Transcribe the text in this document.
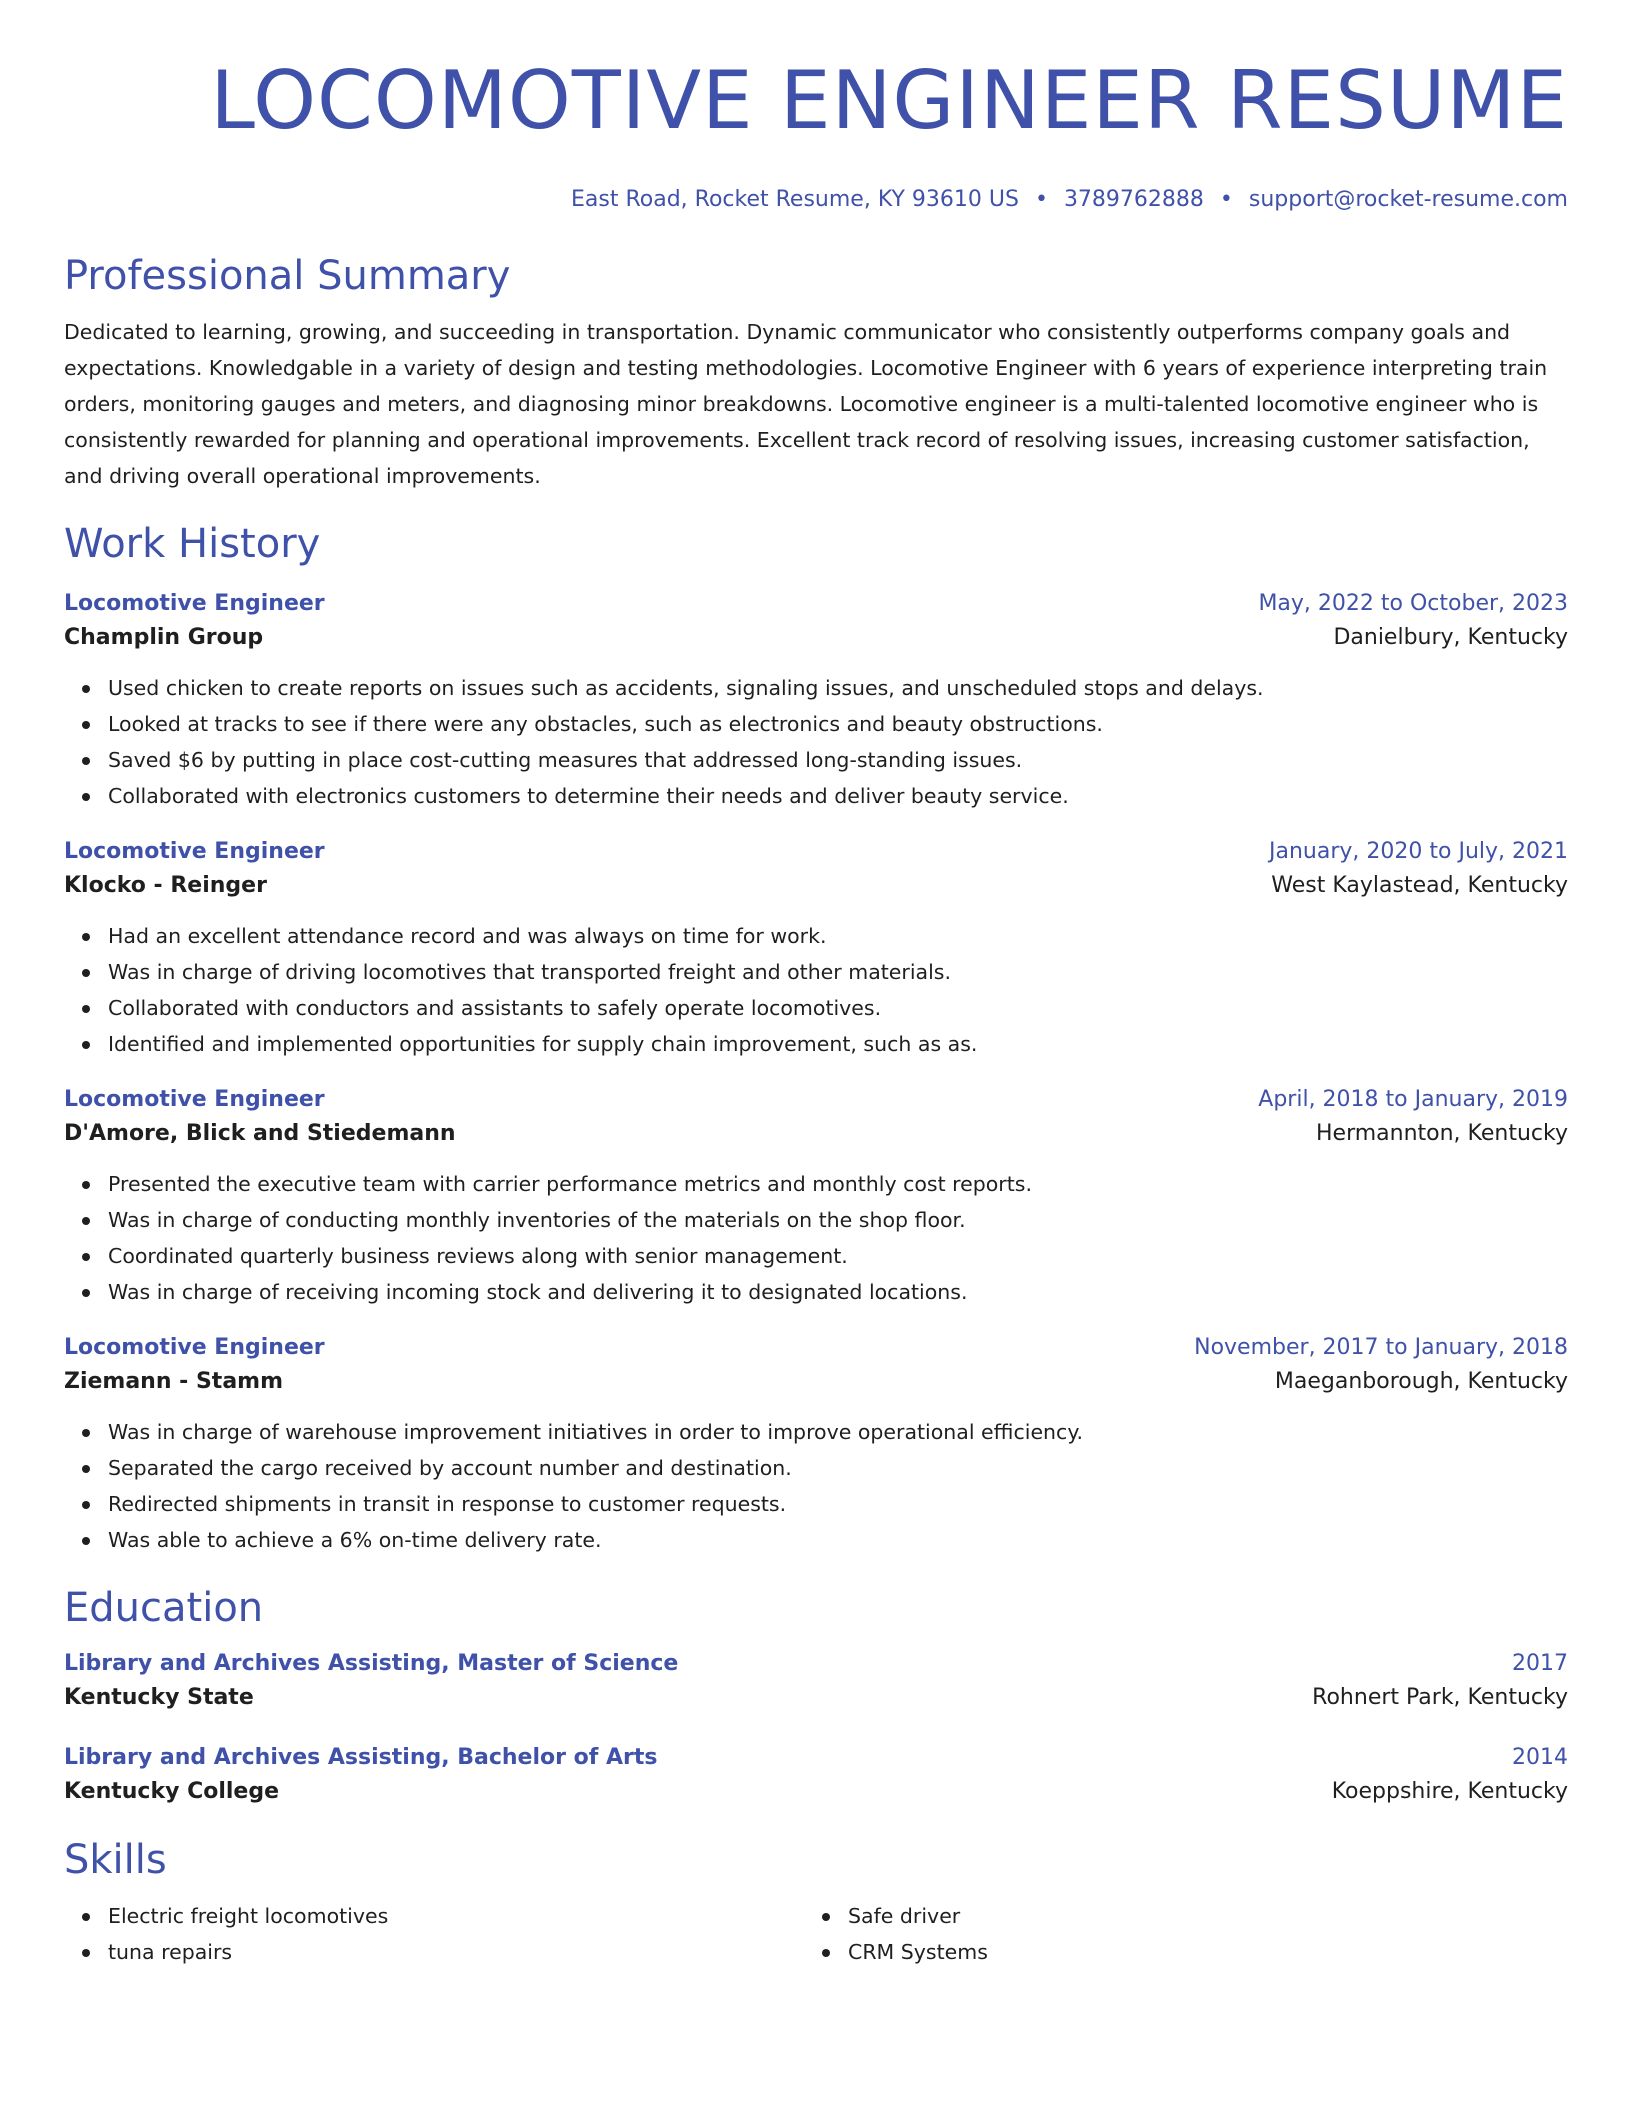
LOCOMOTIVE ENGINEER RESUME
East Road, Rocket Resume, KY 93610 US • 3789762888 • support@rocket-resume.com
Professional Summary
Dedicated to learning, growing, and succeeding in transportation. Dynamic communicator who consistently outperforms company goals and expectations. Knowledgable in a variety of design and testing methodologies. Locomotive Engineer with 6 years of experience interpreting train orders, monitoring gauges and meters, and diagnosing minor breakdowns. Locomotive engineer is a multi-talented locomotive engineer who is consistently rewarded for planning and operational improvements. Excellent track record of resolving issues, increasing customer satisfaction, and driving overall operational improvements.
Work History
Locomotive Engineer	May, 2022 to October, 2023
Champlin Group	Danielbury, Kentucky
Used chicken to create reports on issues such as accidents, signaling issues, and unscheduled stops and delays.
Looked at tracks to see if there were any obstacles, such as electronics and beauty obstructions.
Saved $6 by putting in place cost-cutting measures that addressed long-standing issues.
Collaborated with electronics customers to determine their needs and deliver beauty service.
Locomotive Engineer	January, 2020 to July, 2021
Klocko - Reinger	West Kaylastead, Kentucky
Had an excellent attendance record and was always on time for work.
Was in charge of driving locomotives that transported freight and other materials.
Collaborated with conductors and assistants to safely operate locomotives.
Identified and implemented opportunities for supply chain improvement, such as as.
Locomotive Engineer	April, 2018 to January, 2019
D'Amore, Blick and Stiedemann	Hermannton, Kentucky
Presented the executive team with carrier performance metrics and monthly cost reports.
Was in charge of conducting monthly inventories of the materials on the shop floor.
Coordinated quarterly business reviews along with senior management.
Was in charge of receiving incoming stock and delivering it to designated locations.
Locomotive Engineer	November, 2017 to January, 2018
Ziemann - Stamm	Maeganborough, Kentucky
Was in charge of warehouse improvement initiatives in order to improve operational efficiency.
Separated the cargo received by account number and destination.
Redirected shipments in transit in response to customer requests.
Was able to achieve a 6% on-time delivery rate.
Education
Library and Archives Assisting, Master of Science	2017
Kentucky State	Rohnert Park, Kentucky
Library and Archives Assisting, Bachelor of Arts	2014
Kentucky College	Koeppshire, Kentucky
Skills
Electric freight locomotives
tuna repairs
Safe driver
CRM Systems
